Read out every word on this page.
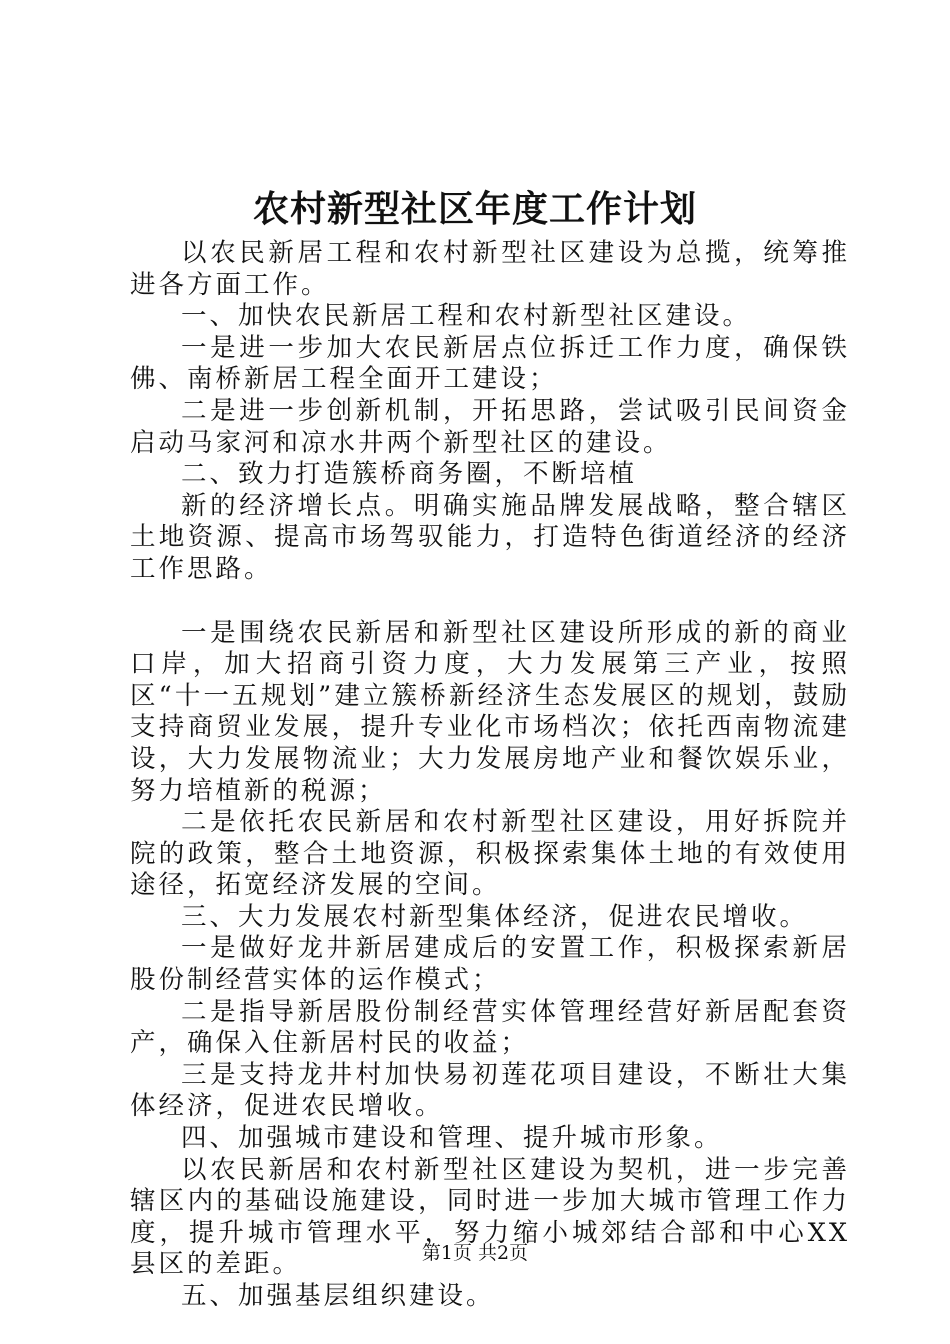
农村新型社区年度工作计划

以农民新居工程和农村新型社区建设为总揽，统筹推进各方面工作。

一、加快农民新居工程和农村新型社区建设。

一是进一步加大农民新居点位拆迁工作力度，确保铁佛、南桥新居工程全面开工建设；

二是进一步创新机制，开拓思路，尝试吸引民间资金启动马家河和凉水井两个新型社区的建设。

二、致力打造簇桥商务圈，不断培植

新的经济增长点。明确实施品牌发展战略，整合辖区土地资源、提高市场驾驭能力，打造特色街道经济的经济工作思路。

一是围绕农民新居和新型社区建设所形成的新的商业口岸，加大招商引资力度，大力发展第三产业，按照区“十一五规划”建立簇桥新经济生态发展区的规划，鼓励支持商贸业发展，提升专业化市场档次；依托西南物流建设，大力发展物流业；大力发展房地产业和餐饮娱乐业，努力培植新的税源；

二是依托农民新居和农村新型社区建设，用好拆院并院的政策，整合土地资源，积极探索集体土地的有效使用途径，拓宽经济发展的空间。

三、大力发展农村新型集体经济，促进农民增收。

一是做好龙井新居建成后的安置工作，积极探索新居股份制经营实体的运作模式；

二是指导新居股份制经营实体管理经营好新居配套资产，确保入住新居村民的收益；

三是支持龙井村加快易初莲花项目建设，不断壮大集体经济，促进农民增收。

四、加强城市建设和管理、提升城市形象。

以农民新居和农村新型社区建设为契机，进一步完善辖区内的基础设施建设，同时进一步加大城市管理工作力度，提升城市管理水平，努力缩小城郊结合部和中心XX县区的差距。

五、加强基层组织建设。

第1页 共2页
